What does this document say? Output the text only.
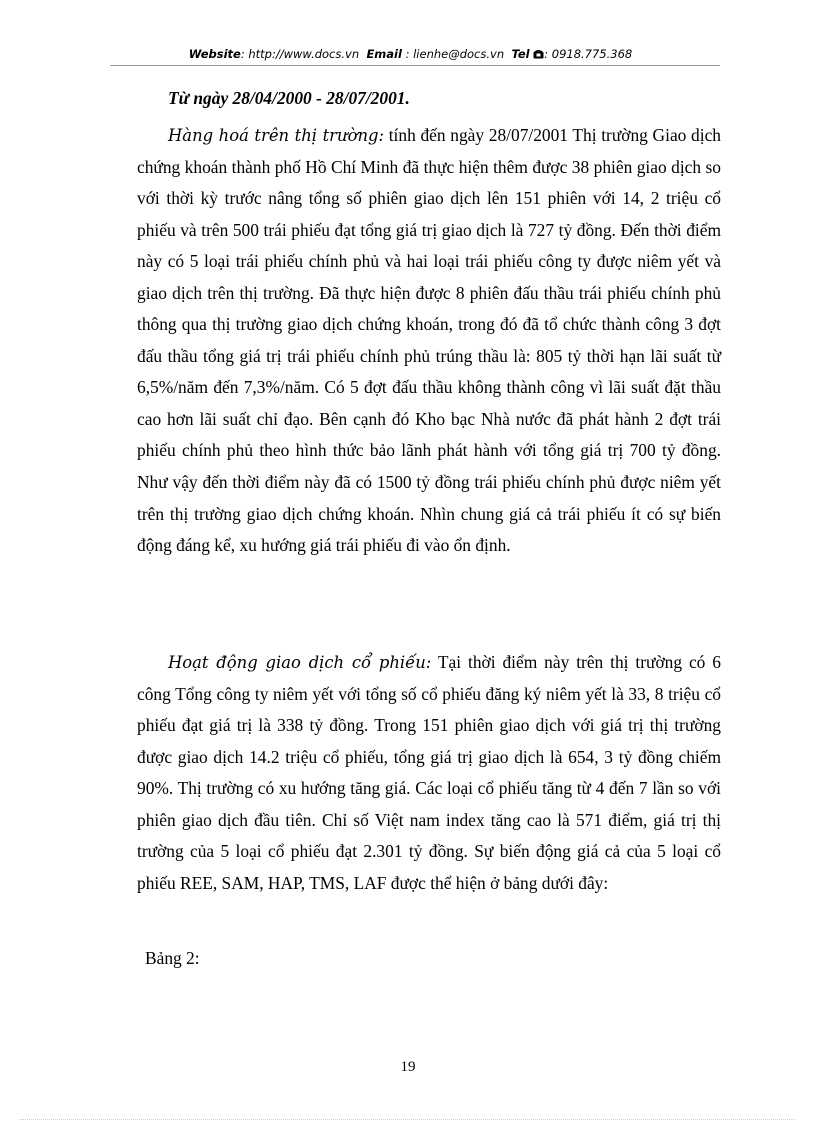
Website: http://www.docs.vn Email : lienhe@docs.vn Tel : 0918.775.368

Từ ngày 28/04/2000 - 28/07/2001.

Hàng hoá trên thị trường: tính đến ngày 28/07/2001 Thị trường Giao dịch chứng khoán thành phố Hồ Chí Minh đã thực hiện thêm được 38 phiên giao dịch so với thời kỳ trước nâng tổng số phiên giao dịch lên 151 phiên với 14, 2 triệu cổ phiếu và trên 500 trái phiếu đạt tổng giá trị giao dịch là 727 tỷ đồng. Đến thời điểm này có 5 loại trái phiếu chính phủ và hai loại trái phiếu công ty được niêm yết và giao dịch trên thị trường. Đã thực hiện được 8 phiên đấu thầu trái phiếu chính phủ thông qua thị trường giao dịch chứng khoán, trong đó đã tổ chức thành công 3 đợt đấu thầu tổng giá trị trái phiếu chính phủ trúng thầu là: 805 tỷ thời hạn lãi suất từ 6,5%/năm đến 7,3%/năm. Có 5 đợt đấu thầu không thành công vì lãi suất đặt thầu cao hơn lãi suất chỉ đạo. Bên cạnh đó Kho bạc Nhà nước đã phát hành 2 đợt trái phiếu chính phủ theo hình thức bảo lãnh phát hành với tổng giá trị 700 tỷ đồng. Như vậy đến thời điểm này đã có 1500 tỷ đồng trái phiếu chính phủ được niêm yết trên thị trường giao dịch chứng khoán. Nhìn chung giá cả trái phiếu ít có sự biến động đáng kể, xu hướng giá trái phiếu đi vào ổn định.

Hoạt động giao dịch cổ phiếu: Tại thời điểm này trên thị trường có 6 công Tổng công ty niêm yết với tổng số cổ phiếu đăng ký niêm yết là 33, 8 triệu cổ phiếu đạt giá trị là 338 tỷ đồng. Trong 151 phiên giao dịch với giá trị thị trường được giao dịch 14.2 triệu cổ phiếu, tổng giá trị giao dịch là 654, 3 tỷ đồng chiếm 90%. Thị trường có xu hướng tăng giá. Các loại cổ phiếu tăng từ 4 đến 7 lần so với phiên giao dịch đầu tiên. Chỉ số Việt nam index tăng cao là 571 điểm, giá trị thị trường của 5 loại cổ phiếu đạt 2.301 tỷ đồng. Sự biến động giá cả của 5 loại cổ phiếu REE, SAM, HAP, TMS, LAF được thể hiện ở bảng dưới đây:

Bảng 2:

19
